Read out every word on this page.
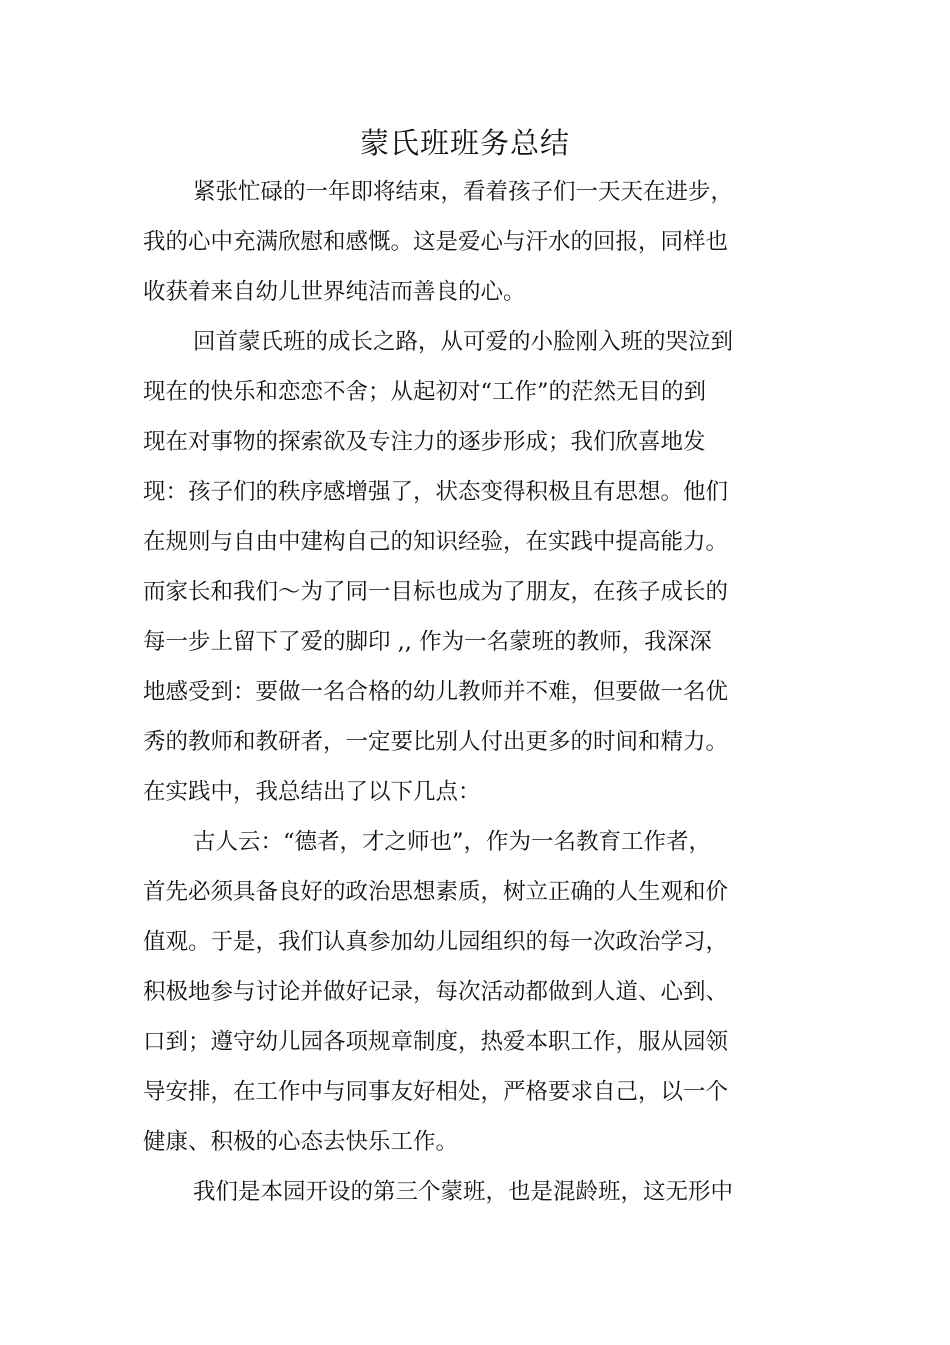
蒙氏班班务总结
紧张忙碌的一年即将结束，看着孩子们一天天在进步，
我的心中充满欣慰和感慨。这是爱心与汗水的回报，同样也
收获着来自幼儿世界纯洁而善良的心。
回首蒙氏班的成长之路，从可爱的小脸刚入班的哭泣到
现在的快乐和恋恋不舍；从起初对“工作”的茫然无目的到
现在对事物的探索欲及专注力的逐步形成；我们欣喜地发
现：孩子们的秩序感增强了，状态变得积极且有思想。他们
在规则与自由中建构自己的知识经验，在实践中提高能力。
而家长和我们〜为了同一目标也成为了朋友，在孩子成长的
每一步上留下了爱的脚印 ,, 作为一名蒙班的教师，我深深
地感受到：要做一名合格的幼儿教师并不难，但要做一名优
秀的教师和教研者，一定要比别人付出更多的时间和精力。
在实践中，我总结出了以下几点：
古人云：“德者，才之师也”，作为一名教育工作者，
首先必须具备良好的政治思想素质，树立正确的人生观和价
值观。于是，我们认真参加幼儿园组织的每一次政治学习，
积极地参与讨论并做好记录，每次活动都做到人道、心到、
口到；遵守幼儿园各项规章制度，热爱本职工作，服从园领
导安排，在工作中与同事友好相处，严格要求自己，以一个
健康、积极的心态去快乐工作。
我们是本园开设的第三个蒙班，也是混龄班，这无形中
